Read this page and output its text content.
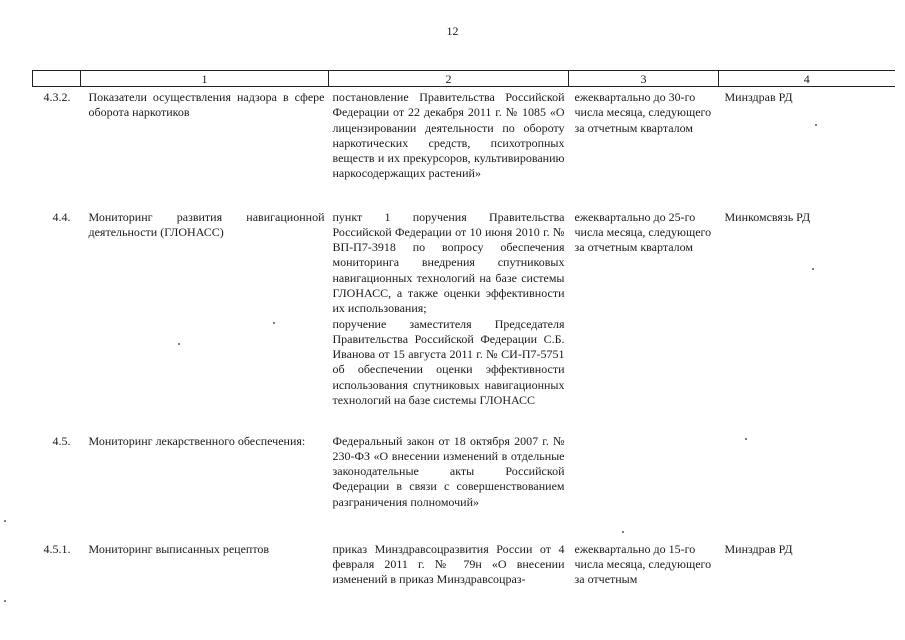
12
	1	2	3	4
4.3.2.	Показатели осуществления надзора в сфере оборота наркотиков	постановление Правительства Российской Федерации от 22 декабря 2011 г. № 1085 «О лицензировании деятельности по обороту наркотических средств, психотропных веществ и их прекурсоров, культивированию наркосодержащих растений»	ежеквартально до 30-го числа месяца, следующего за отчетным кварталом	Минздрав РД
4.4.	Мониторинг развития навигационной деятельности (ГЛОНАСС)	пункт 1 поручения Правительства Российской Федерации от 10 июня 2010 г. № ВП-П7-3918 по вопросу обеспечения мониторинга внедрения спутниковых навигационных технологий на базе системы ГЛОНАСС, а также оценки эффективности их использования;
поручение заместителя Председателя Правительства Российской Федерации С.Б. Иванова от 15 августа 2011 г. № СИ-П7-5751 об обеспечении оценки эффективности использования спутниковых навигационных технологий на базе системы ГЛОНАСС	ежеквартально до 25-го числа месяца, следующего за отчетным кварталом	Минкомсвязь РД
4.5.	Мониторинг лекарственного обеспечения:	Федеральный закон от 18 октября 2007 г. № 230-ФЗ «О внесении изменений в отдельные законодательные акты Российской Федерации в связи с совершенствованием разграничения полномочий»		

4.5.1.	Мониторинг выписанных рецептов	приказ Минздравсоцразвития России от 4 февраля 2011 г. № 79н «О внесении изменений в приказ Минздравсоцраз-	ежеквартально до 15-го числа месяца, следующего за отчетным	Минздрав РД
